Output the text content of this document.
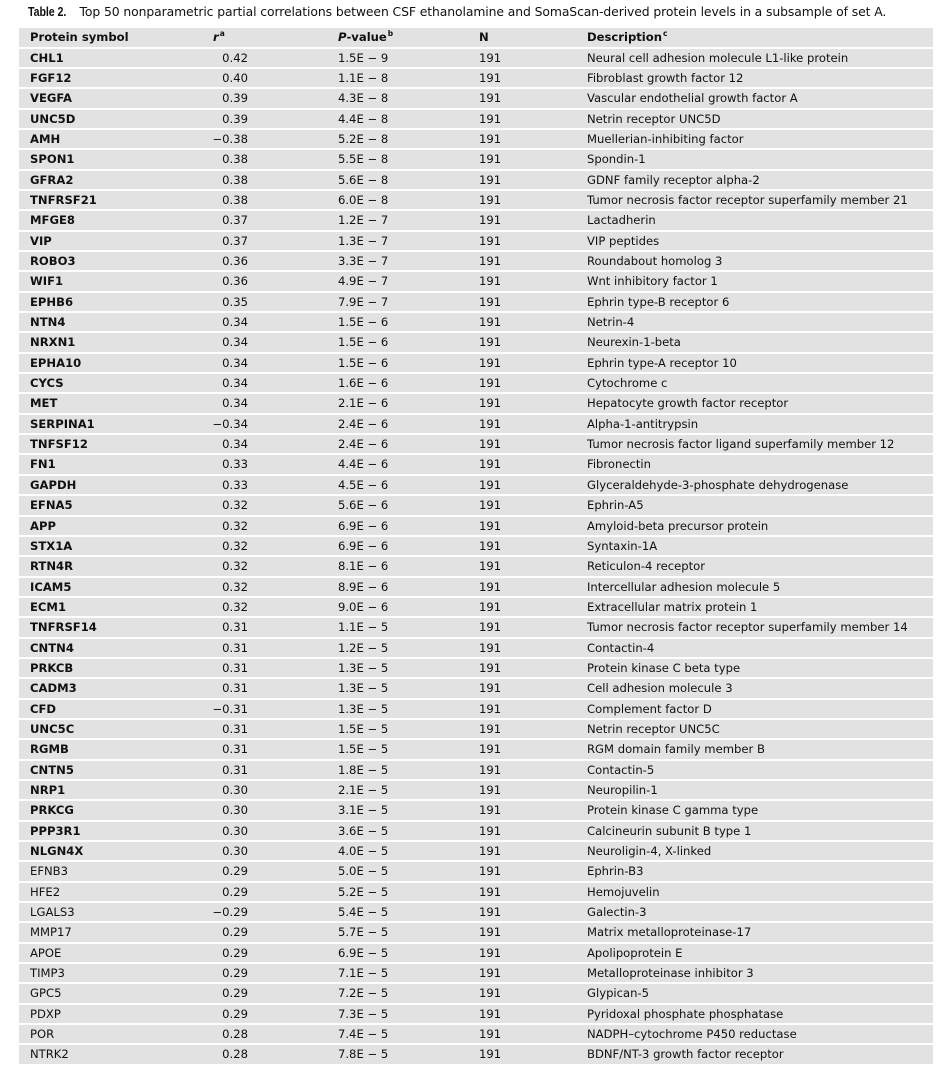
Table 2. Top 50 nonparametric partial correlations between CSF ethanolamine and SomaScan-derived protein levels in a subsample of set A.
Protein symbol	$r^a$	P-value$^b$	N	Description$^c$
CHL1	0.42	1.5E − 9	191	Neural cell adhesion molecule L1-like protein
FGF12	0.40	1.1E − 8	191	Fibroblast growth factor 12
VEGFA	0.39	4.3E − 8	191	Vascular endothelial growth factor A
UNC5D	0.39	4.4E − 8	191	Netrin receptor UNC5D
AMH	−0.38	5.2E − 8	191	Muellerian-inhibiting factor
SPON1	0.38	5.5E − 8	191	Spondin-1
GFRA2	0.38	5.6E − 8	191	GDNF family receptor alpha-2
TNFRSF21	0.38	6.0E − 8	191	Tumor necrosis factor receptor superfamily member 21
MFGE8	0.37	1.2E − 7	191	Lactadherin
VIP	0.37	1.3E − 7	191	VIP peptides
ROBO3	0.36	3.3E − 7	191	Roundabout homolog 3
WIF1	0.36	4.9E − 7	191	Wnt inhibitory factor 1
EPHB6	0.35	7.9E − 7	191	Ephrin type-B receptor 6
NTN4	0.34	1.5E − 6	191	Netrin-4
NRXN1	0.34	1.5E − 6	191	Neurexin-1-beta
EPHA10	0.34	1.5E − 6	191	Ephrin type-A receptor 10
CYCS	0.34	1.6E − 6	191	Cytochrome c
MET	0.34	2.1E − 6	191	Hepatocyte growth factor receptor
SERPINA1	−0.34	2.4E − 6	191	Alpha-1-antitrypsin
TNFSF12	0.34	2.4E − 6	191	Tumor necrosis factor ligand superfamily member 12
FN1	0.33	4.4E − 6	191	Fibronectin
GAPDH	0.33	4.5E − 6	191	Glyceraldehyde-3-phosphate dehydrogenase
EFNA5	0.32	5.6E − 6	191	Ephrin-A5
APP	0.32	6.9E − 6	191	Amyloid-beta precursor protein
STX1A	0.32	6.9E − 6	191	Syntaxin-1A
RTN4R	0.32	8.1E − 6	191	Reticulon-4 receptor
ICAM5	0.32	8.9E − 6	191	Intercellular adhesion molecule 5
ECM1	0.32	9.0E − 6	191	Extracellular matrix protein 1
TNFRSF14	0.31	1.1E − 5	191	Tumor necrosis factor receptor superfamily member 14
CNTN4	0.31	1.2E − 5	191	Contactin-4
PRKCB	0.31	1.3E − 5	191	Protein kinase C beta type
CADM3	0.31	1.3E − 5	191	Cell adhesion molecule 3
CFD	−0.31	1.3E − 5	191	Complement factor D
UNC5C	0.31	1.5E − 5	191	Netrin receptor UNC5C
RGMB	0.31	1.5E − 5	191	RGM domain family member B
CNTN5	0.31	1.8E − 5	191	Contactin-5
NRP1	0.30	2.1E − 5	191	Neuropilin-1
PRKCG	0.30	3.1E − 5	191	Protein kinase C gamma type
PPP3R1	0.30	3.6E − 5	191	Calcineurin subunit B type 1
NLGN4X	0.30	4.0E − 5	191	Neuroligin-4, X-linked
EFNB3	0.29	5.0E − 5	191	Ephrin-B3
HFE2	0.29	5.2E − 5	191	Hemojuvelin
LGALS3	−0.29	5.4E − 5	191	Galectin-3
MMP17	0.29	5.7E − 5	191	Matrix metalloproteinase-17
APOE	0.29	6.9E − 5	191	Apolipoprotein E
TIMP3	0.29	7.1E − 5	191	Metalloproteinase inhibitor 3
GPC5	0.29	7.2E − 5	191	Glypican-5
PDXP	0.29	7.3E − 5	191	Pyridoxal phosphate phosphatase
POR	0.28	7.4E − 5	191	NADPH–cytochrome P450 reductase
NTRK2	0.28	7.8E − 5	191	BDNF/NT-3 growth factor receptor
